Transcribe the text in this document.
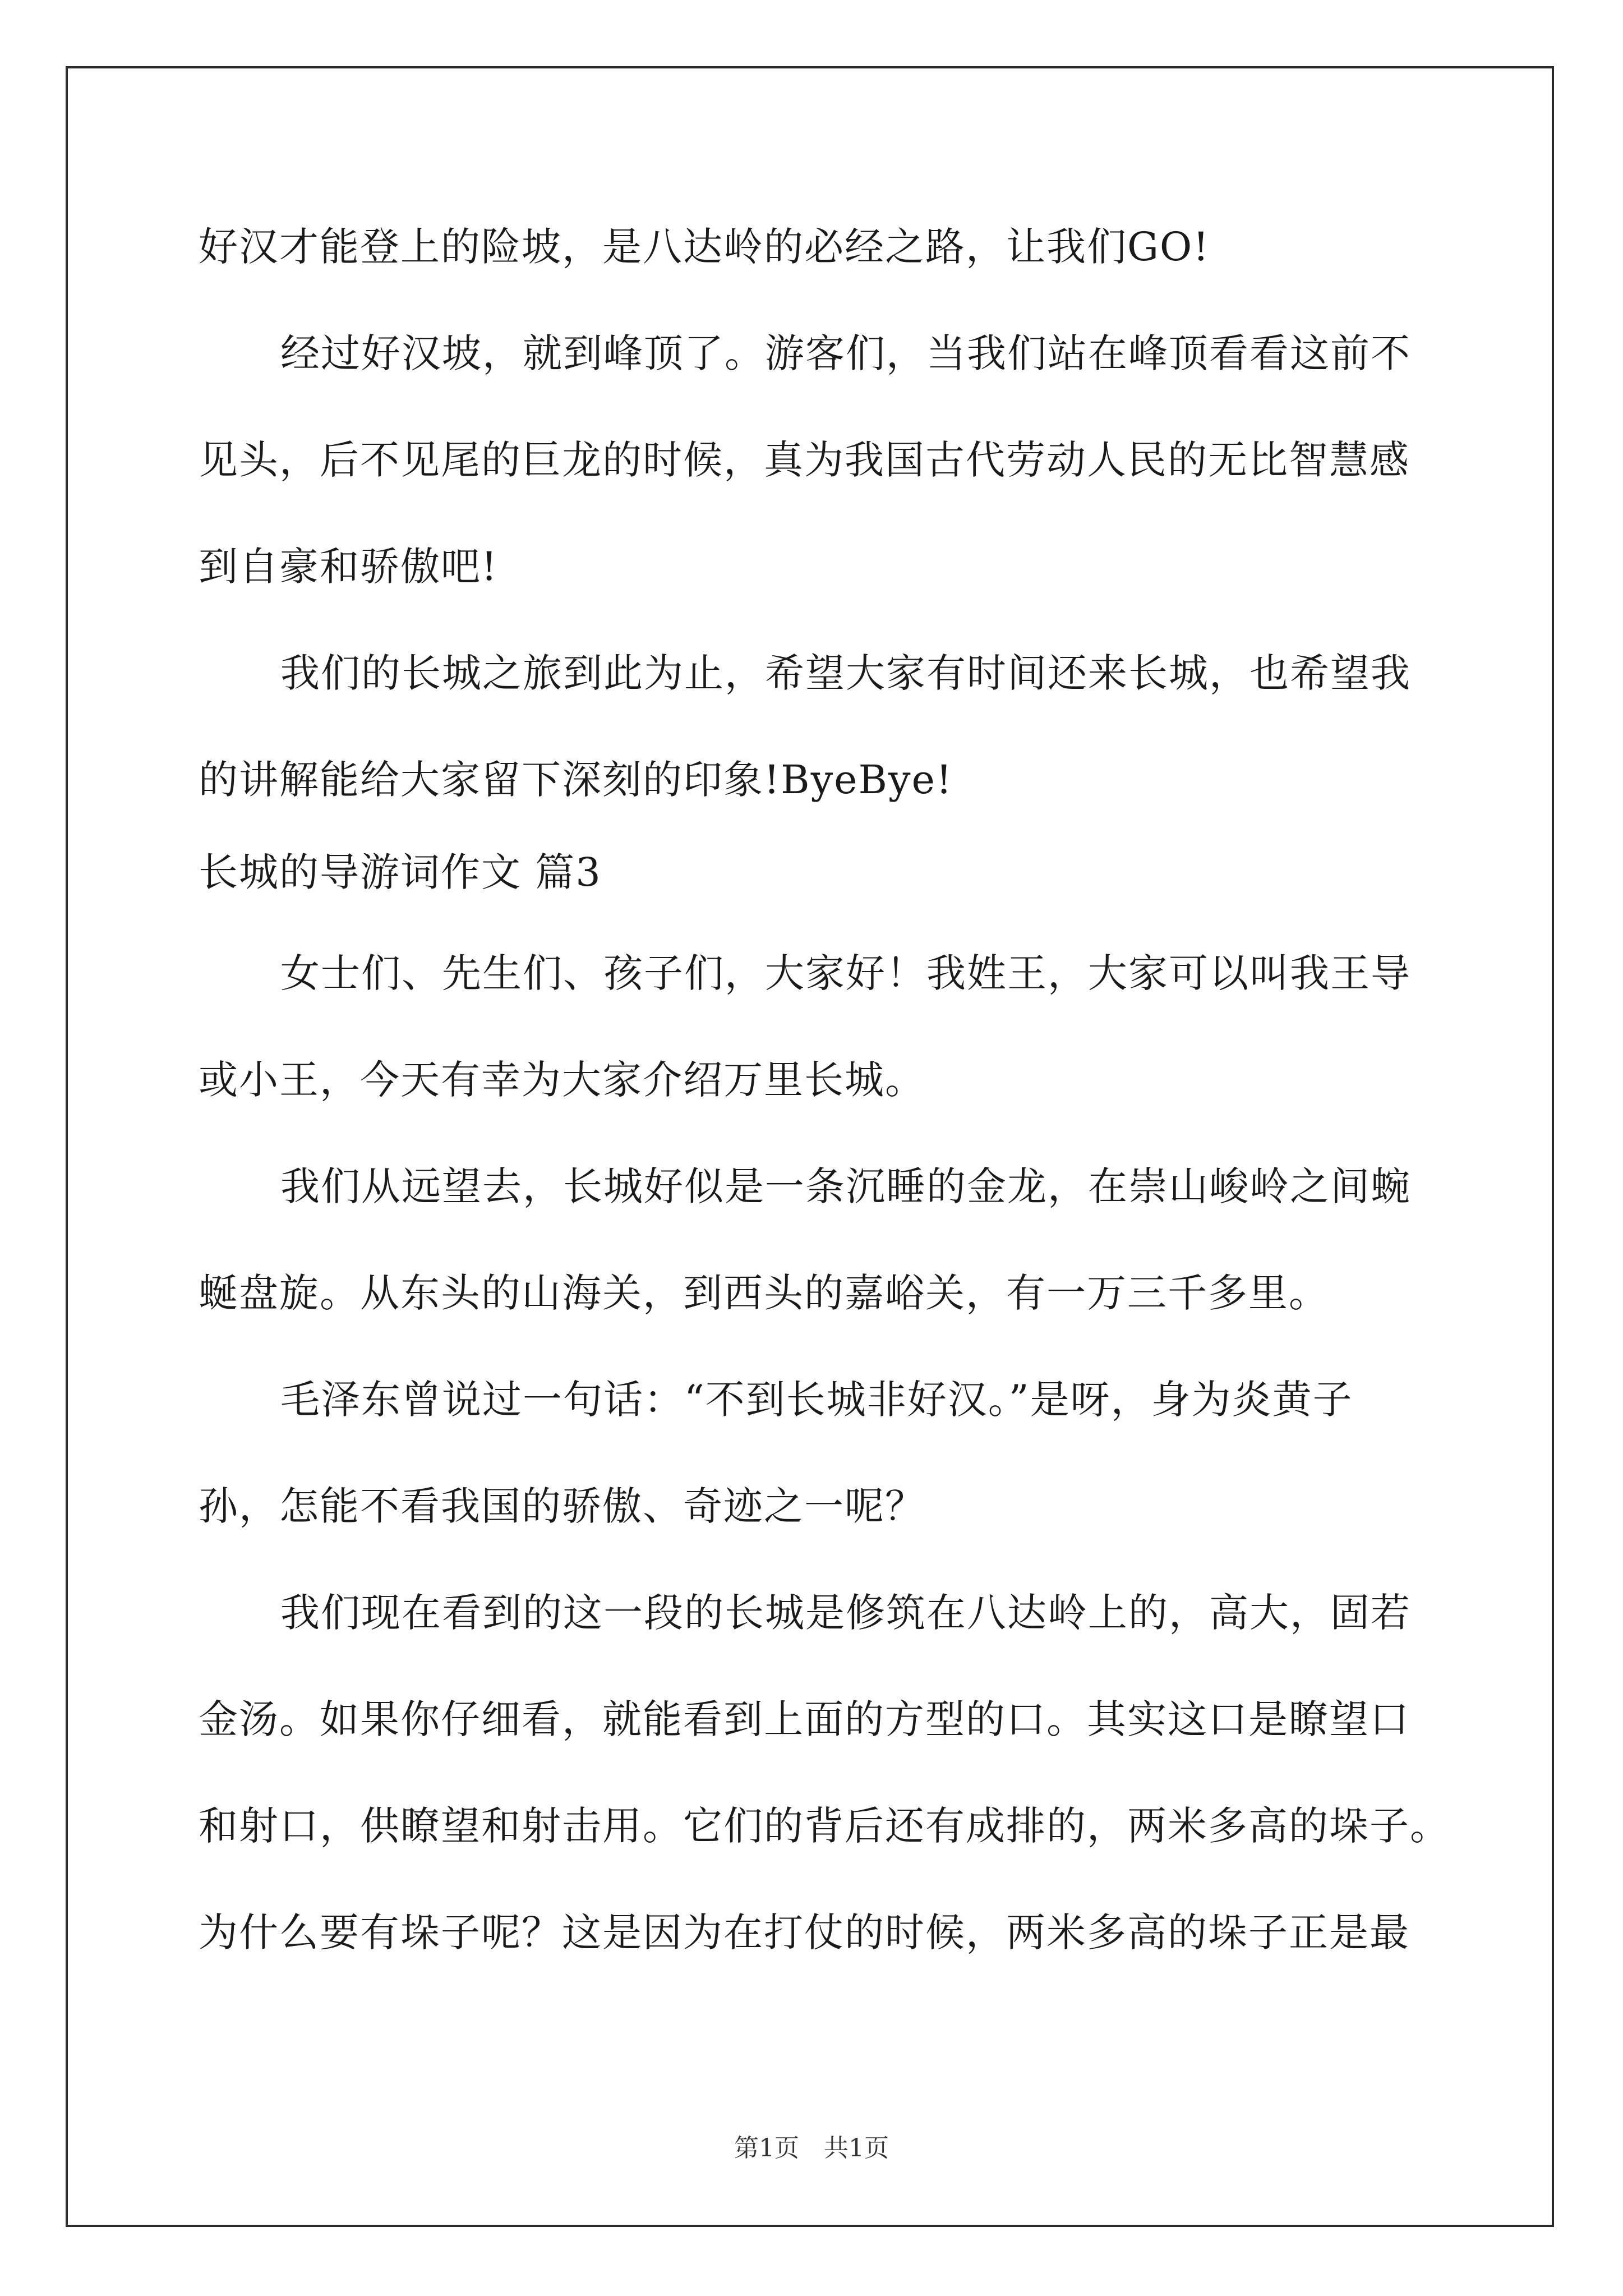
好汉才能登上的险坡，是八达岭的必经之路，让我们GO!
经过好汉坡，就到峰顶了。游客们，当我们站在峰顶看看这前不
见头，后不见尾的巨龙的时候，真为我国古代劳动人民的无比智慧感
到自豪和骄傲吧!
我们的长城之旅到此为止，希望大家有时间还来长城，也希望我
的讲解能给大家留下深刻的印象!ByeBye!
长城的导游词作文 篇3
女士们、先生们、孩子们，大家好！我姓王，大家可以叫我王导
或小王，今天有幸为大家介绍万里长城。
我们从远望去，长城好似是一条沉睡的金龙，在崇山峻岭之间蜿
蜒盘旋。从东头的山海关，到西头的嘉峪关，有一万三千多里。
毛泽东曾说过一句话：“不到长城非好汉。”是呀，身为炎黄子
孙，怎能不看我国的骄傲、奇迹之一呢？
我们现在看到的这一段的长城是修筑在八达岭上的，高大，固若
金汤。如果你仔细看，就能看到上面的方型的口。其实这口是瞭望口
和射口，供瞭望和射击用。它们的背后还有成排的，两米多高的垛子。
为什么要有垛子呢？这是因为在打仗的时候，两米多高的垛子正是最
第1页　共1页
